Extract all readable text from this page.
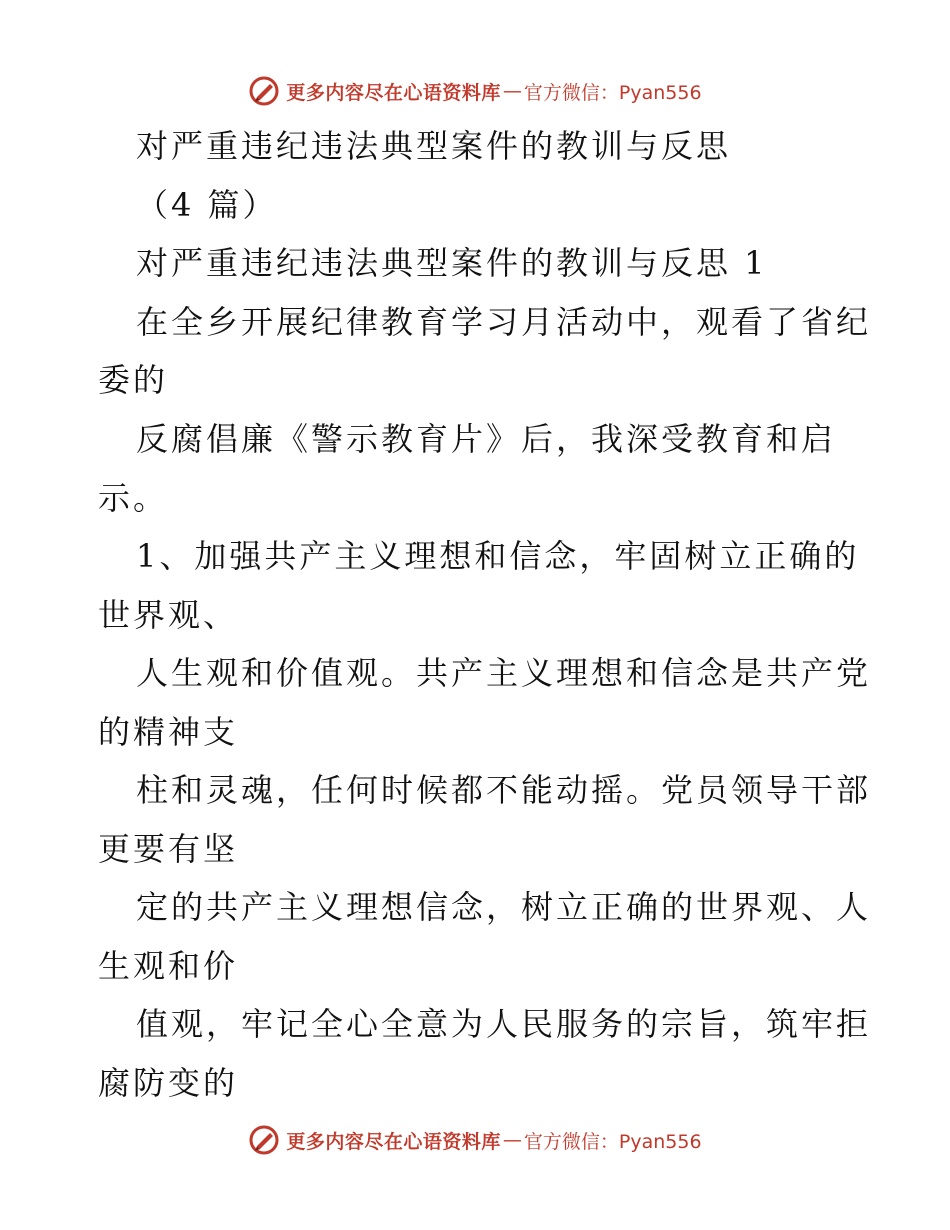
更多内容尽在心语资料库 — 官方微信：Pyan556
对严重违纪违法典型案件的教训与反思
（4 篇）
对严重违纪违法典型案件的教训与反思 1
在全乡开展纪律教育学习月活动中，观看了省纪
委的
反腐倡廉《警示教育片》后，我深受教育和启
示。
1、加强共产主义理想和信念，牢固树立正确的
世界观、
人生观和价值观。共产主义理想和信念是共产党
的精神支
柱和灵魂，任何时候都不能动摇。党员领导干部
更要有坚
定的共产主义理想信念，树立正确的世界观、人
生观和价
值观，牢记全心全意为人民服务的宗旨，筑牢拒
腐防变的
更多内容尽在心语资料库 — 官方微信：Pyan556
